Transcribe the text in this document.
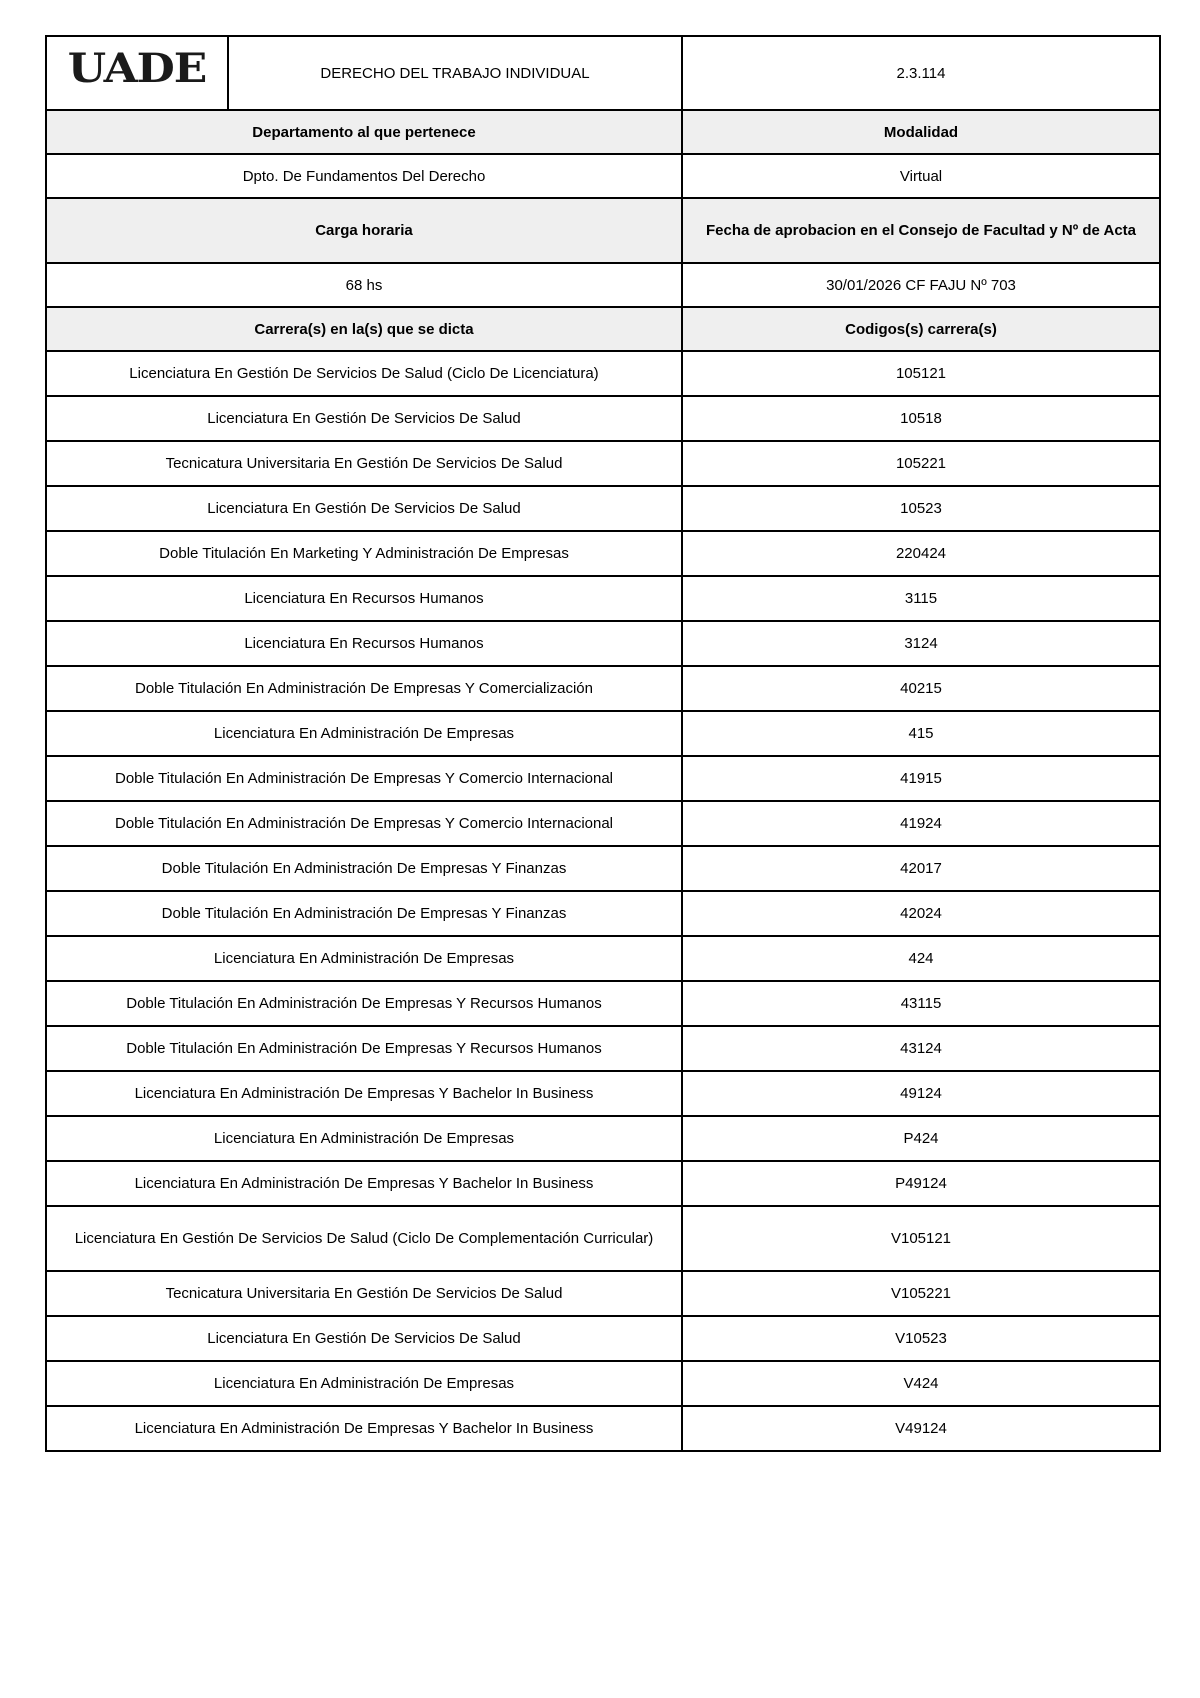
UADE	DERECHO DEL TRABAJO INDIVIDUAL	2.3.114
Departamento al que pertenece		Modalidad
Dpto. De Fundamentos Del Derecho		Virtual
Carga horaria		Fecha de aprobacion en el Consejo de Facultad y Nº de Acta
68 hs		30/01/2026 CF FAJU Nº 703
Carrera(s) en la(s) que se dicta		Codigos(s) carrera(s)
Licenciatura En Gestión De Servicios De Salud (Ciclo De Licenciatura)		105121
Licenciatura En Gestión De Servicios De Salud		10518
Tecnicatura Universitaria En Gestión De Servicios De Salud		105221
Licenciatura En Gestión De Servicios De Salud		10523
Doble Titulación En Marketing Y Administración De Empresas		220424
Licenciatura En Recursos Humanos		3115
Licenciatura En Recursos Humanos		3124
Doble Titulación En Administración De Empresas Y Comercialización		40215
Licenciatura En Administración De Empresas		415
Doble Titulación En Administración De Empresas Y Comercio Internacional		41915
Doble Titulación En Administración De Empresas Y Comercio Internacional		41924
Doble Titulación En Administración De Empresas Y Finanzas		42017
Doble Titulación En Administración De Empresas Y Finanzas		42024
Licenciatura En Administración De Empresas		424
Doble Titulación En Administración De Empresas Y Recursos Humanos		43115
Doble Titulación En Administración De Empresas Y Recursos Humanos		43124
Licenciatura En Administración De Empresas Y Bachelor In Business		49124
Licenciatura En Administración De Empresas		P424
Licenciatura En Administración De Empresas Y Bachelor In Business		P49124
Licenciatura En Gestión De Servicios De Salud (Ciclo De Complementación Curricular)		V105121
Tecnicatura Universitaria En Gestión De Servicios De Salud		V105221
Licenciatura En Gestión De Servicios De Salud		V10523
Licenciatura En Administración De Empresas		V424
Licenciatura En Administración De Empresas Y Bachelor In Business		V49124
